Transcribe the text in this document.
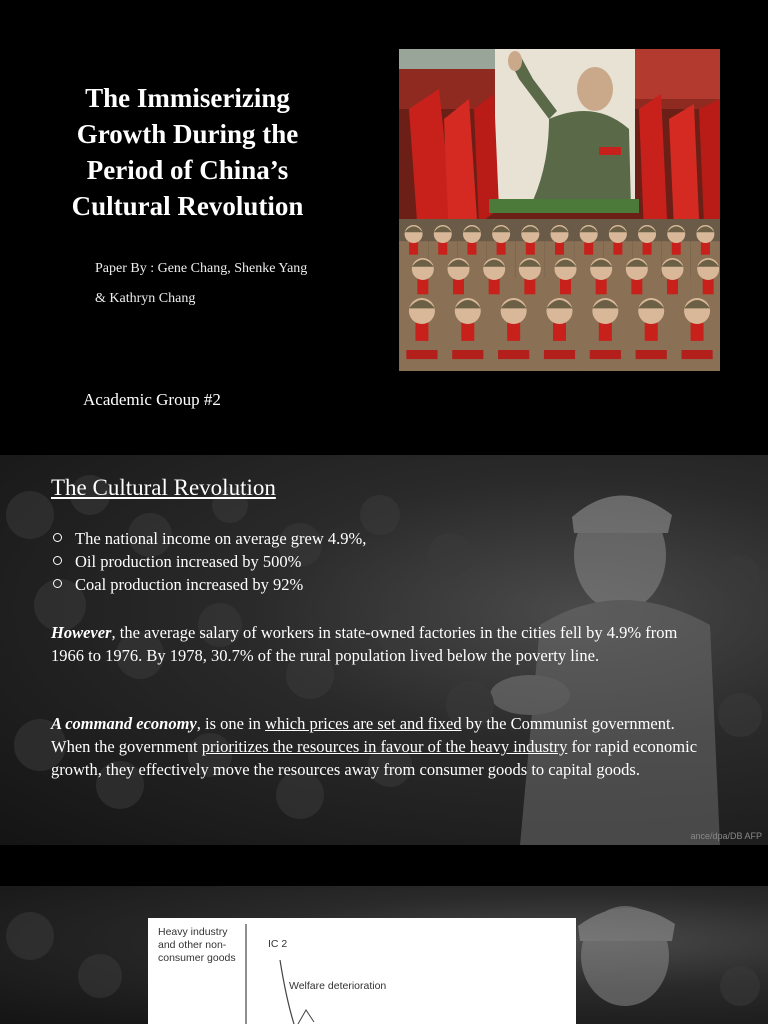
The Immiserizing
Growth During the
Period of China’s
Cultural Revolution
Paper By : Gene Chang, Shenke Yang
& Kathryn Chang
Academic Group #2
The Cultural Revolution
The national income on average grew 4.9%,
Oil production increased by 500%
Coal production increased by 92%
However, the average salary of workers in state-owned factories in the cities fell by 4.9% from 1966 to 1976. By 1978, 30.7% of the rural population lived below the poverty line.
A command economy, is one in which prices are set and fixed by the Communist government. When the government prioritizes the resources in favour of the heavy industry for rapid economic growth, they effectively move the resources away from consumer goods to capital goods.
ance/dpa/DB AFP
Heavy industry
and other non-
consumer goods
IC 2
Welfare deterioration
